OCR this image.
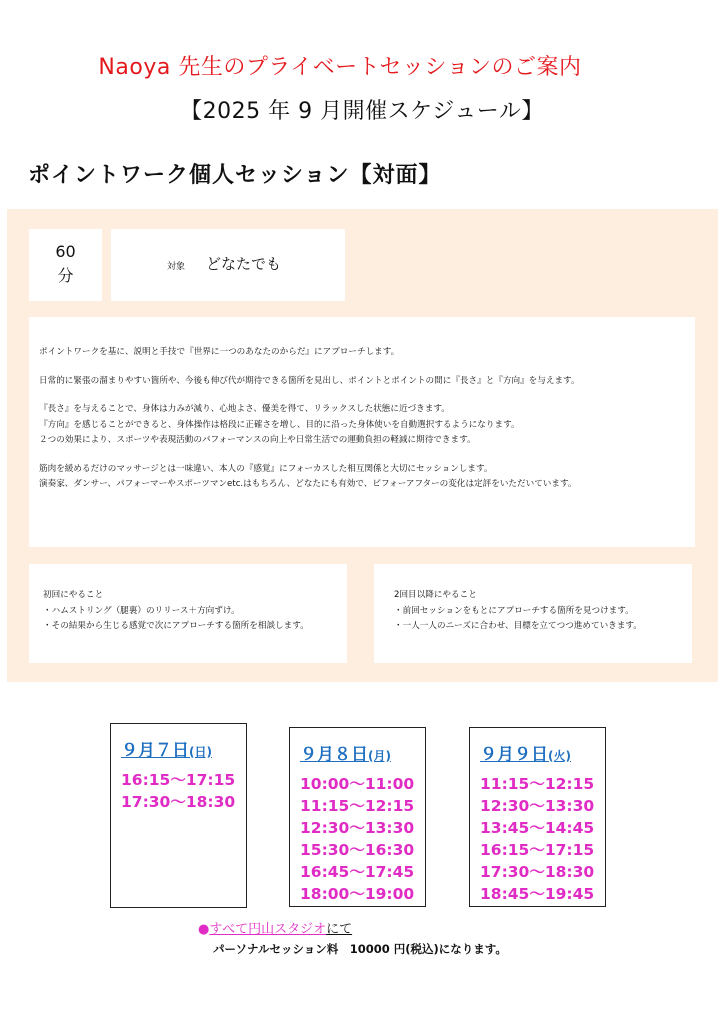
Naoya 先生のプライベートセッションのご案内
【2025 年 9 月開催スケジュール】
ポイントワーク個人セッション【対面】
60
分	対象 どなたでも

ポイントワークを基に、説明と手技で『世界に一つのあなたのからだ』にアプローチします。

日常的に緊張の溜まりやすい箇所や、今後も伸び代が期待できる箇所を見出し、ポイントとポイントの間に『長さ』と『方向』を与えます。

『長さ』を与えることで、身体は力みが減り、心地よさ、優美を得て、リラックスした状態に近づきます。
『方向』を感じることができると、身体操作は格段に正確さを増し、目的に沿った身体使いを自動選択するようになります。
２つの効果により、スポーツや表現活動のパフォーマンスの向上や日常生活での運動負担の軽減に期待できます。

筋肉を緩めるだけのマッサージとは一味違い、本人の『感覚』にフォーカスした相互関係と大切にセッションします。
演奏家、ダンサー、パフォーマーやスポーツマンetc.はもちろん、どなたにも有効で、ビフォーアフターの変化は定評をいただいています。

初回にやること
・ハムストリング（腿裏）のリリース＋方向ずけ。
・その結果から生じる感覚で次にアプローチする箇所を相談します。
2回目以降にやること
・前回セッションをもとにアプローチする箇所を見つけます。
・一人一人のニーズに合わせ、目標を立てつつ進めていきます。
９月７日(日)
16:15～17:15
17:30～18:30
９月８日(月)
10:00～11:00
11:15～12:15
12:30～13:30
15:30～16:30
16:45～17:45
18:00～19:00
９月９日(火)
11:15～12:15
12:30～13:30
13:45～14:45
16:15～17:15
17:30～18:30
18:45～19:45
●すべて円山スタジオにて
パーソナルセッション料　10000 円(税込)になります。
